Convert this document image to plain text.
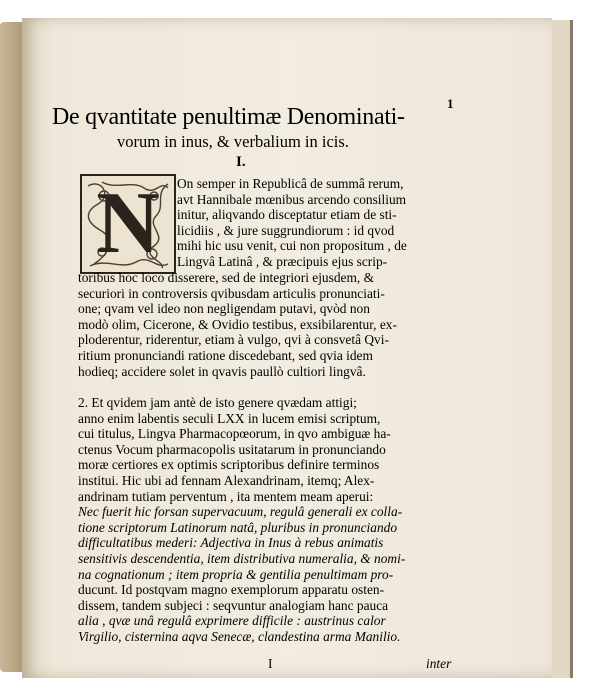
1
De qvantitate penultimæ Denominati-
vorum in inus, & verbalium in icis.
I.
N On semper in Republicâ de summâ rerum,
avt Hannibale mœnibus arcendo consilium
initur, aliqvando disceptatur etiam de sti-
licidiis , & jure suggrundiorum : id qvod
mihi hic usu venit, cui non propositum , de
Lingvâ Latinâ , & præcipuis ejus scrip-
toribus hoc loco disserere, sed de integriori ejusdem, &
securiori in controversis qvibusdam articulis pronunciati-
one; qvam vel ideo non negligendam putavi, qvòd non
modò olim, Cicerone, & Ovidio testibus, exsibilarentur, ex-
ploderentur, riderentur, etiam à vulgo, qvi à consvetâ Qvi-
ritium pronunciandi ratione discedebant, sed qvia idem
hodieq; accidere solet in qvavis paullò cultiori lingvâ.
2. Et qvidem jam antè de isto genere qvædam attigi;
anno enim labentis seculi LXX in lucem emisi scriptum,
cui titulus, Lingva Pharmacopœorum, in qvo ambiguæ ha-
ctenus Vocum pharmacopolis usitatarum in pronunciando
moræ certiores ex optimis scriptoribus definire terminos
institui. Hic ubi ad fennam Alexandrinam, itemq; Alex-
andrinam tutiam perventum , ita mentem meam aperui:
Nec fuerit hic forsan supervacuum, regulâ generali ex colla-
tione scriptorum Latinorum natâ, pluribus in pronunciando
difficultatibus mederi: Adjectiva in Inus à rebus animatis
sensitivis descendentia, item distributiva numeralia, & nomi-
na cognationum ; item propria & gentilia penultimam pro-
ducunt. Id postqvam magno exemplorum apparatu osten-
dissem, tandem subjeci : seqvuntur analogiam hanc pauca
alia , qvæ unâ regulâ exprimere difficile : austrinus calor
Virgilio, cisternina aqva Senecæ, clandestina arma Manilio.
I	inter
